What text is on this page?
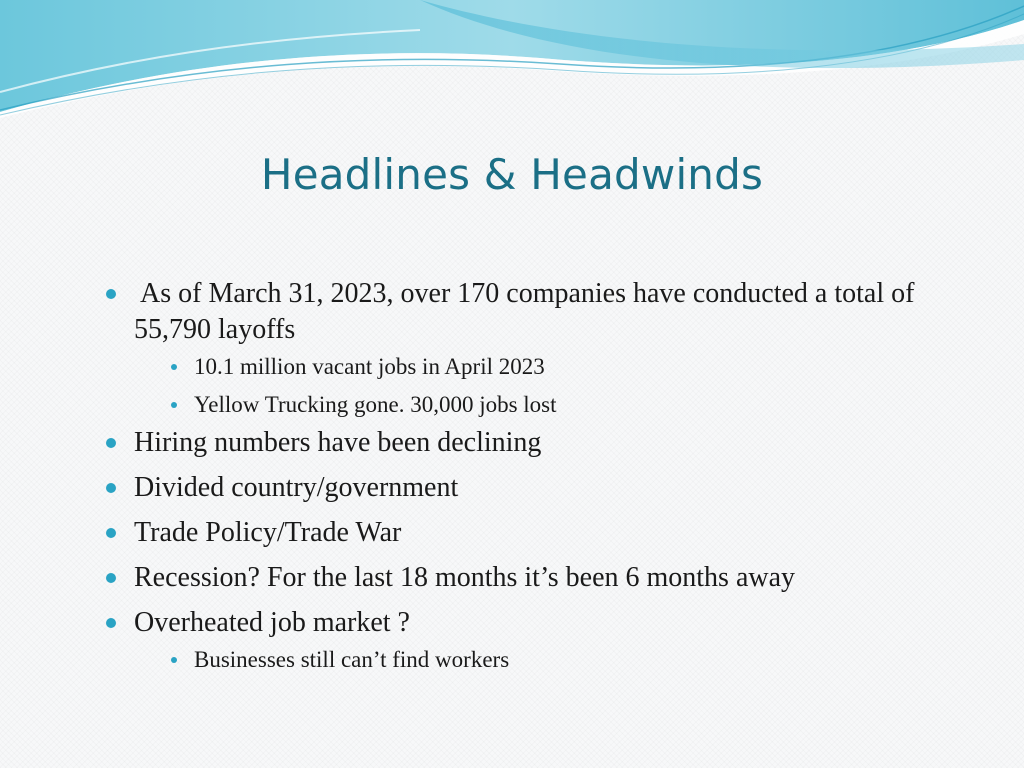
Headlines & Headwinds
As of March 31, 2023, over 170 companies have conducted a total of 55,790 layoffs
10.1 million vacant jobs in April 2023
Yellow Trucking gone. 30,000 jobs lost
Hiring numbers have been declining
Divided country/government
Trade Policy/Trade War
Recession? For the last 18 months it’s been 6 months away
Overheated job market ?
Businesses still can’t find workers
